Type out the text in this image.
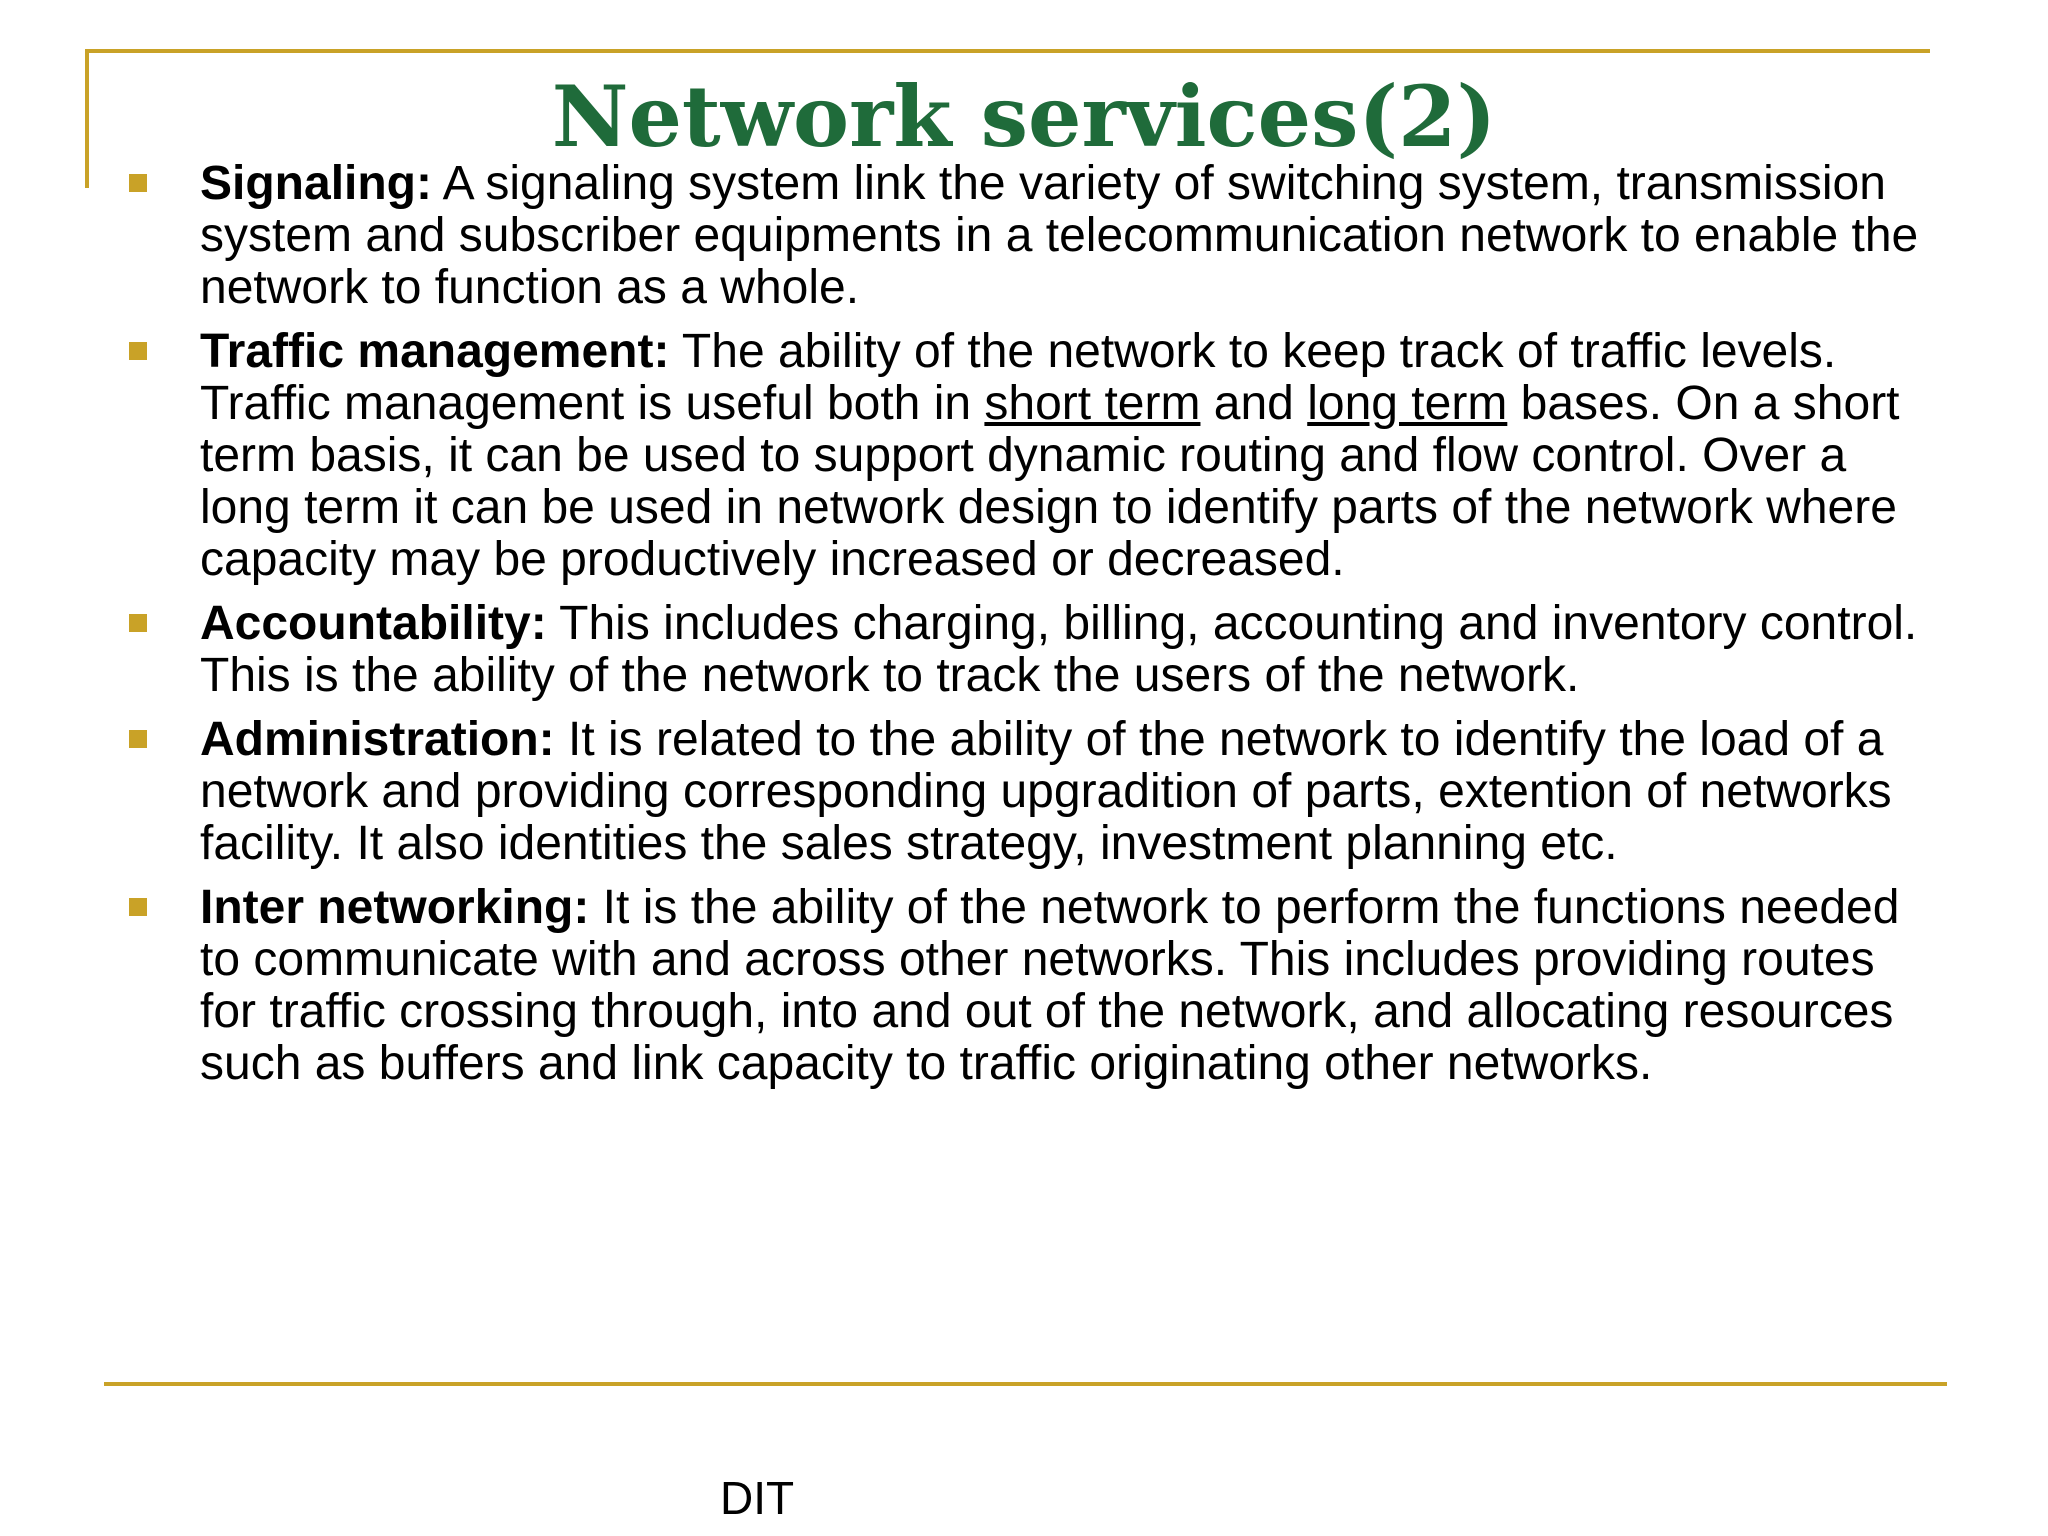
Network services(2)
Signaling: A signaling system link the variety of switching system, transmission system and subscriber equipments in a telecommunication network to enable the network to function as a whole.
Traffic management: The ability of the network to keep track of traffic levels. Traffic management is useful both in short term and long term bases. On a short term basis, it can be used to support dynamic routing and flow control. Over a long term it can be used in network design to identify parts of the network where capacity may be productively increased or decreased.
Accountability: This includes charging, billing, accounting and inventory control. This is the ability of the network to track the users of the network.
Administration: It is related to the ability of the network to identify the load of a network and providing corresponding upgradition of parts, extention of networks facility. It also identities the sales strategy, investment planning etc.
Inter networking: It is the ability of the network to perform the functions needed to communicate with and across other networks. This includes providing routes for traffic crossing through, into and out of the network, and allocating resources such as buffers and link capacity to traffic originating other networks.
DIT
